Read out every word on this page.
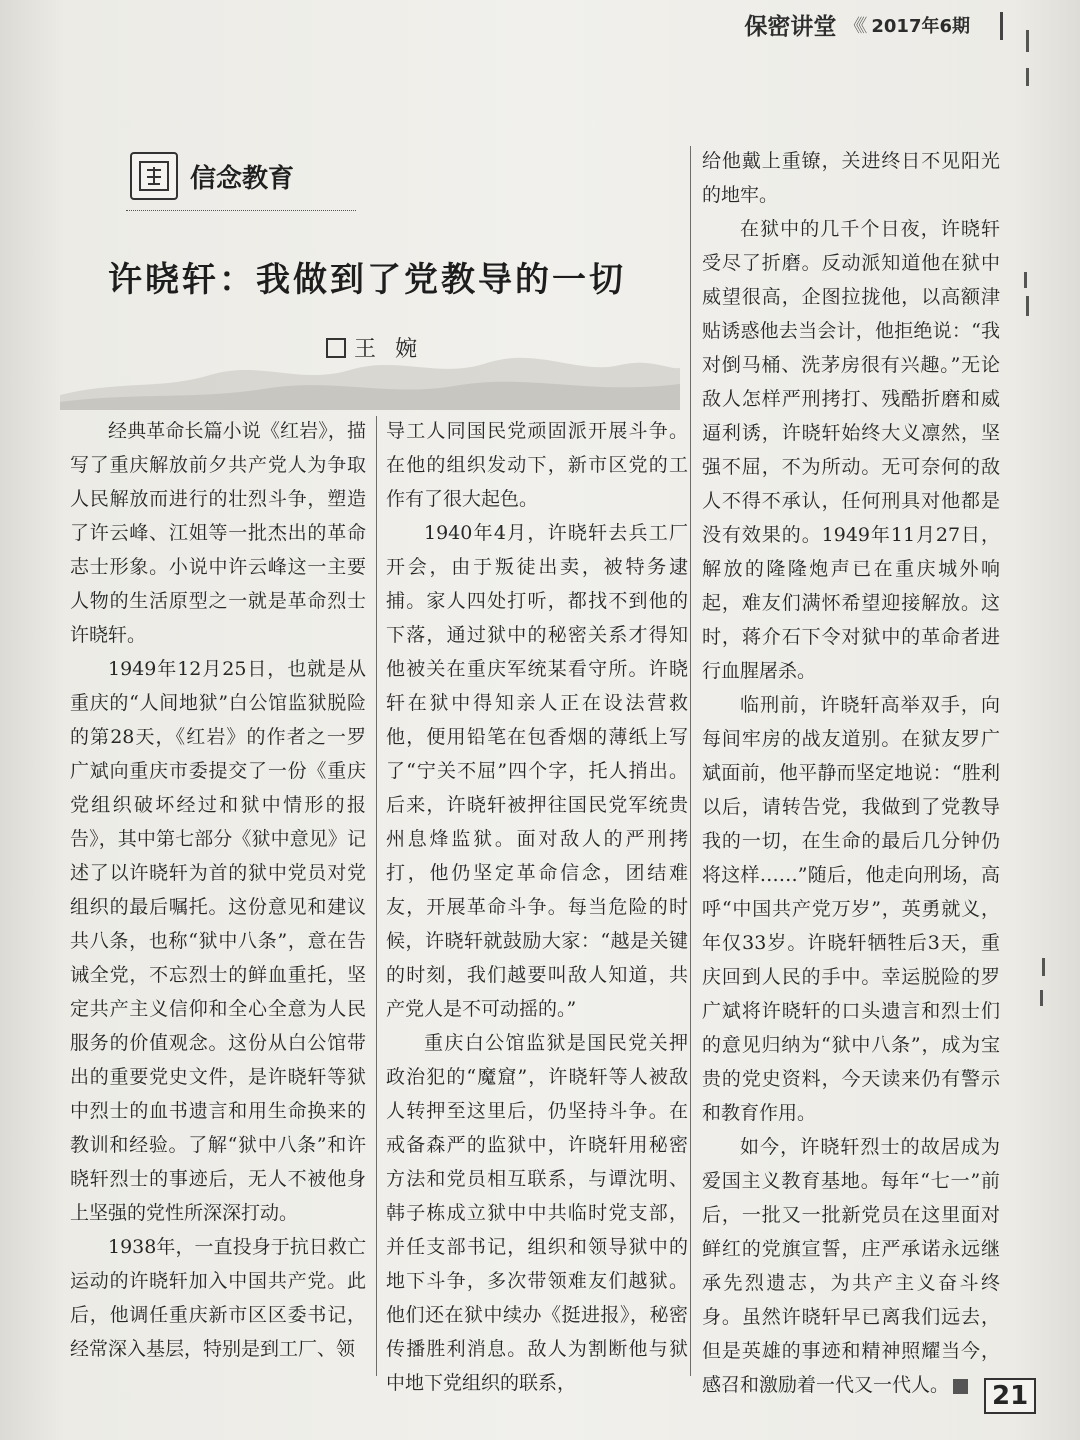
保密讲堂 《《 2017年6期
信念教育
许晓轩：我做到了党教导的一切
王 婉

经典革命长篇小说《红岩》，描写了重庆解放前夕共产党人为争取人民解放而进行的壮烈斗争，塑造了许云峰、江姐等一批杰出的革命志士形象。小说中许云峰这一主要人物的生活原型之一就是革命烈士许晓轩。

1949年12月25日，也就是从重庆的“人间地狱”白公馆监狱脱险的第28天，《红岩》的作者之一罗广斌向重庆市委提交了一份《重庆党组织破坏经过和狱中情形的报告》，其中第七部分《狱中意见》记述了以许晓轩为首的狱中党员对党组织的最后嘱托。这份意见和建议共八条，也称“狱中八条”，意在告诫全党，不忘烈士的鲜血重托，坚定共产主义信仰和全心全意为人民服务的价值观念。这份从白公馆带出的重要党史文件，是许晓轩等狱中烈士的血书遗言和用生命换来的教训和经验。了解“狱中八条”和许晓轩烈士的事迹后，无人不被他身上坚强的党性所深深打动。

1938年，一直投身于抗日救亡运动的许晓轩加入中国共产党。此后，他调任重庆新市区区委书记，经常深入基层，特别是到工厂、领

导工人同国民党顽固派开展斗争。在他的组织发动下，新市区党的工作有了很大起色。

1940年4月，许晓轩去兵工厂开会，由于叛徒出卖，被特务逮捕。家人四处打听，都找不到他的下落，通过狱中的秘密关系才得知他被关在重庆军统某看守所。许晓轩在狱中得知亲人正在设法营救他，便用铅笔在包香烟的薄纸上写了“宁关不屈”四个字，托人捎出。后来，许晓轩被押往国民党军统贵州息烽监狱。面对敌人的严刑拷打，他仍坚定革命信念，团结难友，开展革命斗争。每当危险的时候，许晓轩就鼓励大家：“越是关键的时刻，我们越要叫敌人知道，共产党人是不可动摇的。”

重庆白公馆监狱是国民党关押政治犯的“魔窟”，许晓轩等人被敌人转押至这里后，仍坚持斗争。在戒备森严的监狱中，许晓轩用秘密方法和党员相互联系，与谭沈明、韩子栋成立狱中中共临时党支部，并任支部书记，组织和领导狱中的地下斗争，多次带领难友们越狱。他们还在狱中续办《挺进报》，秘密传播胜利消息。敌人为割断他与狱中地下党组织的联系，

给他戴上重镣，关进终日不见阳光的地牢。

在狱中的几千个日夜，许晓轩受尽了折磨。反动派知道他在狱中威望很高，企图拉拢他，以高额津贴诱惑他去当会计，他拒绝说：“我对倒马桶、洗茅房很有兴趣。”无论敌人怎样严刑拷打、残酷折磨和威逼利诱，许晓轩始终大义凛然，坚强不屈，不为所动。无可奈何的敌人不得不承认，任何刑具对他都是没有效果的。1949年11月27日，解放的隆隆炮声已在重庆城外响起，难友们满怀希望迎接解放。这时，蒋介石下令对狱中的革命者进行血腥屠杀。

临刑前，许晓轩高举双手，向每间牢房的战友道别。在狱友罗广斌面前，他平静而坚定地说：“胜利以后，请转告党，我做到了党教导我的一切，在生命的最后几分钟仍将这样……”随后，他走向刑场，高呼“中国共产党万岁”，英勇就义，年仅33岁。许晓轩牺牲后3天，重庆回到人民的手中。幸运脱险的罗广斌将许晓轩的口头遗言和烈士们的意见归纳为“狱中八条”，成为宝贵的党史资料，今天读来仍有警示和教育作用。

如今，许晓轩烈士的故居成为爱国主义教育基地。每年“七一”前后，一批又一批新党员在这里面对鲜红的党旗宣誓，庄严承诺永远继承先烈遗志，为共产主义奋斗终身。虽然许晓轩早已离我们远去，但是英雄的事迹和精神照耀当今，感召和激励着一代又一代人。	21
